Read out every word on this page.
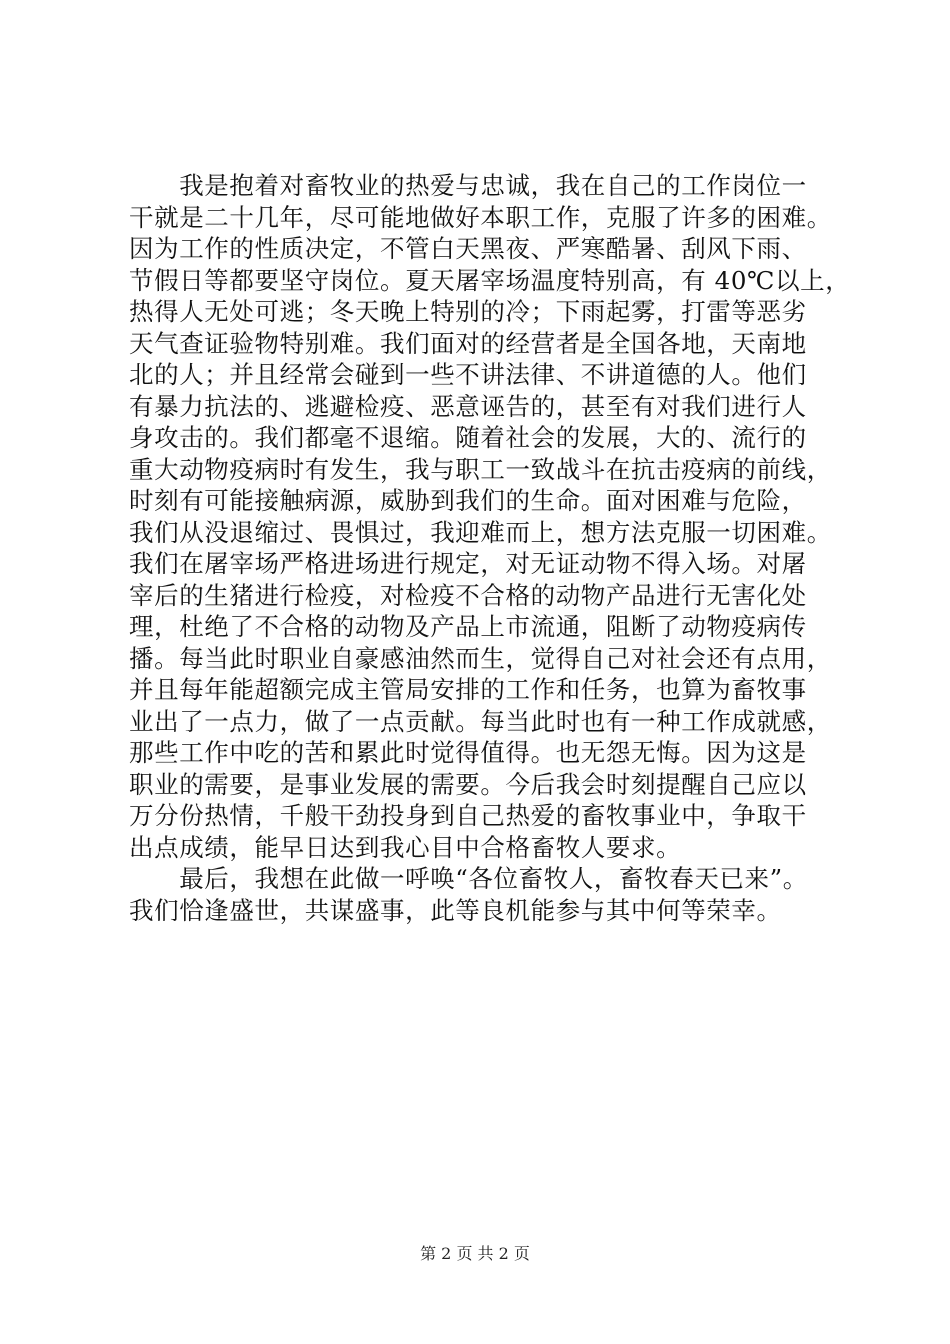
　　我是抱着对畜牧业的热爱与忠诚，我在自己的工作岗位一
干就是二十几年，尽可能地做好本职工作，克服了许多的困难。
因为工作的性质决定，不管白天黑夜、严寒酷暑、刮风下雨、
节假日等都要坚守岗位。夏天屠宰场温度特别高，有 40℃以上，
热得人无处可逃；冬天晚上特别的冷；下雨起雾，打雷等恶劣
天气查证验物特别难。我们面对的经营者是全国各地，天南地
北的人；并且经常会碰到一些不讲法律、不讲道德的人。他们
有暴力抗法的、逃避检疫、恶意诬告的，甚至有对我们进行人
身攻击的。我们都毫不退缩。随着社会的发展，大的、流行的
重大动物疫病时有发生，我与职工一致战斗在抗击疫病的前线，
时刻有可能接触病源，威胁到我们的生命。面对困难与危险，
我们从没退缩过、畏惧过，我迎难而上，想方法克服一切困难。
我们在屠宰场严格进场进行规定，对无证动物不得入场。对屠
宰后的生猪进行检疫，对检疫不合格的动物产品进行无害化处
理，杜绝了不合格的动物及产品上市流通，阻断了动物疫病传
播。每当此时职业自豪感油然而生，觉得自己对社会还有点用，
并且每年能超额完成主管局安排的工作和任务，也算为畜牧事
业出了一点力，做了一点贡献。每当此时也有一种工作成就感，
那些工作中吃的苦和累此时觉得值得。也无怨无悔。因为这是
职业的需要，是事业发展的需要。今后我会时刻提醒自己应以
万分份热情，千般干劲投身到自己热爱的畜牧事业中，争取干
出点成绩，能早日达到我心目中合格畜牧人要求。
　　最后，我想在此做一呼唤“各位畜牧人，畜牧春天已来”。
我们恰逢盛世，共谋盛事，此等良机能参与其中何等荣幸。
第 2 页 共 2 页
